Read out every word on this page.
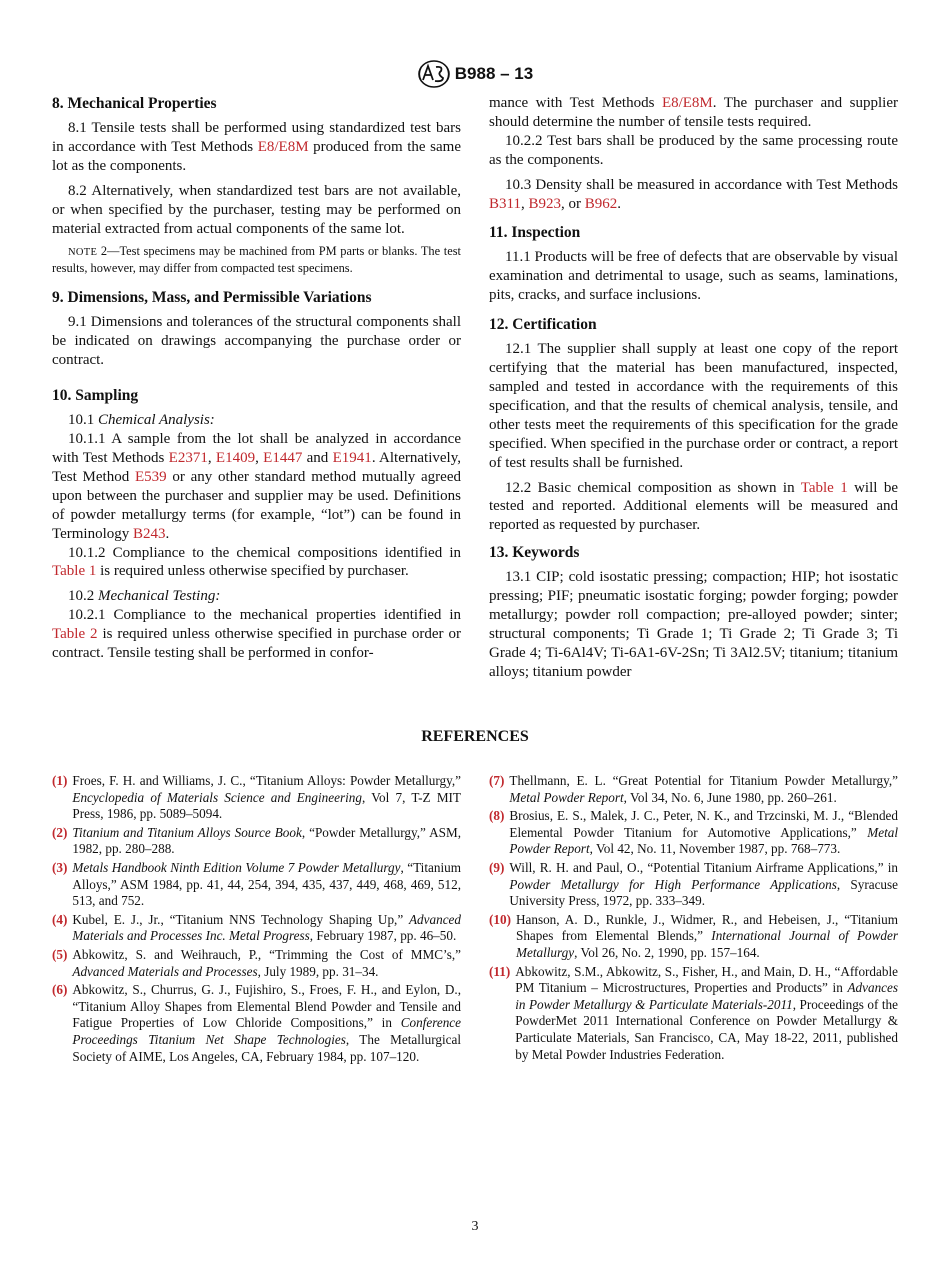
B988 – 13
8. Mechanical Properties

8.1 Tensile tests shall be performed using standardized test bars in accordance with Test Methods E8/E8M produced from the same lot as the components.

8.2 Alternatively, when standardized test bars are not available, or when specified by the purchaser, testing may be performed on material extracted from actual components of the same lot.

NOTE 2—Test specimens may be machined from PM parts or blanks. The test results, however, may differ from compacted test specimens.
9. Dimensions, Mass, and Permissible Variations

9.1 Dimensions and tolerances of the structural components shall be indicated on drawings accompanying the purchase order or contract.

10. Sampling

10.1 Chemical Analysis:

10.1.1 A sample from the lot shall be analyzed in accordance with Test Methods E2371, E1409, E1447 and E1941. Alternatively, Test Method E539 or any other standard method mutually agreed upon between the purchaser and supplier may be used. Definitions of powder metallurgy terms (for example, “lot”) can be found in Terminology B243.

10.1.2 Compliance to the chemical compositions identified in Table 1 is required unless otherwise specified by purchaser.

10.2 Mechanical Testing:

10.2.1 Compliance to the mechanical properties identified in Table 2 is required unless otherwise specified in purchase order or contract. Tensile testing shall be performed in confor-

mance with Test Methods E8/E8M. The purchaser and supplier should determine the number of tensile tests required.

10.2.2 Test bars shall be produced by the same processing route as the components.

10.3 Density shall be measured in accordance with Test Methods B311, B923, or B962.

11. Inspection

11.1 Products will be free of defects that are observable by visual examination and detrimental to usage, such as seams, laminations, pits, cracks, and surface inclusions.

12. Certification

12.1 The supplier shall supply at least one copy of the report certifying that the material has been manufactured, inspected, sampled and tested in accordance with the requirements of this specification, and that the results of chemical analysis, tensile, and other tests meet the requirements of this specification for the grade specified. When specified in the purchase order or contract, a report of test results shall be furnished.

12.2 Basic chemical composition as shown in Table 1 will be tested and reported. Additional elements will be measured and reported as requested by purchaser.

13. Keywords

13.1 CIP; cold isostatic pressing; compaction; HIP; hot isostatic pressing; PIF; pneumatic isostatic forging; powder forging; powder metallurgy; powder roll compaction; pre-alloyed powder; sinter; structural components; Ti Grade 1; Ti Grade 2; Ti Grade 3; Ti Grade 4; Ti-6Al4V; Ti-6A1-6V-2Sn; Ti 3Al2.5V; titanium; titanium alloys; titanium powder

REFERENCES
(1) Froes, F. H. and Williams, J. C., “Titanium Alloys: Powder Metallurgy,” Encyclopedia of Materials Science and Engineering, Vol 7, T-Z MIT Press, 1986, pp. 5089–5094.
(2) Titanium and Titanium Alloys Source Book, “Powder Metallurgy,” ASM, 1982, pp. 280–288.
(3) Metals Handbook Ninth Edition Volume 7 Powder Metallurgy, “Titanium Alloys,” ASM 1984, pp. 41, 44, 254, 394, 435, 437, 449, 468, 469, 512, 513, and 752.
(4) Kubel, E. J., Jr., “Titanium NNS Technology Shaping Up,” Advanced Materials and Processes Inc. Metal Progress, February 1987, pp. 46–50.
(5) Abkowitz, S. and Weihrauch, P., “Trimming the Cost of MMC’s,” Advanced Materials and Processes, July 1989, pp. 31–34.
(6) Abkowitz, S., Churrus, G. J., Fujishiro, S., Froes, F. H., and Eylon, D., “Titanium Alloy Shapes from Elemental Blend Powder and Tensile and Fatigue Properties of Low Chloride Compositions,” in Conference Proceedings Titanium Net Shape Technologies, The Metallurgical Society of AIME, Los Angeles, CA, February 1984, pp. 107–120.
(7) Thellmann, E. L. “Great Potential for Titanium Powder Metallurgy,” Metal Powder Report, Vol 34, No. 6, June 1980, pp. 260–261.
(8) Brosius, E. S., Malek, J. C., Peter, N. K., and Trzcinski, M. J., “Blended Elemental Powder Titanium for Automotive Applications,” Metal Powder Report, Vol 42, No. 11, November 1987, pp. 768–773.
(9) Will, R. H. and Paul, O., “Potential Titanium Airframe Applications,” in Powder Metallurgy for High Performance Applications, Syracuse University Press, 1972, pp. 333–349.
(10) Hanson, A. D., Runkle, J., Widmer, R., and Hebeisen, J., “Titanium Shapes from Elemental Blends,” International Journal of Powder Metallurgy, Vol 26, No. 2, 1990, pp. 157–164.
(11) Abkowitz, S.M., Abkowitz, S., Fisher, H., and Main, D. H., “Affordable PM Titanium – Microstructures, Properties and Products” in Advances in Powder Metallurgy & Particulate Materials-2011, Proceedings of the PowderMet 2011 International Conference on Powder Metallurgy & Particulate Materials, San Francisco, CA, May 18-22, 2011, published by Metal Powder Industries Federation.
3
